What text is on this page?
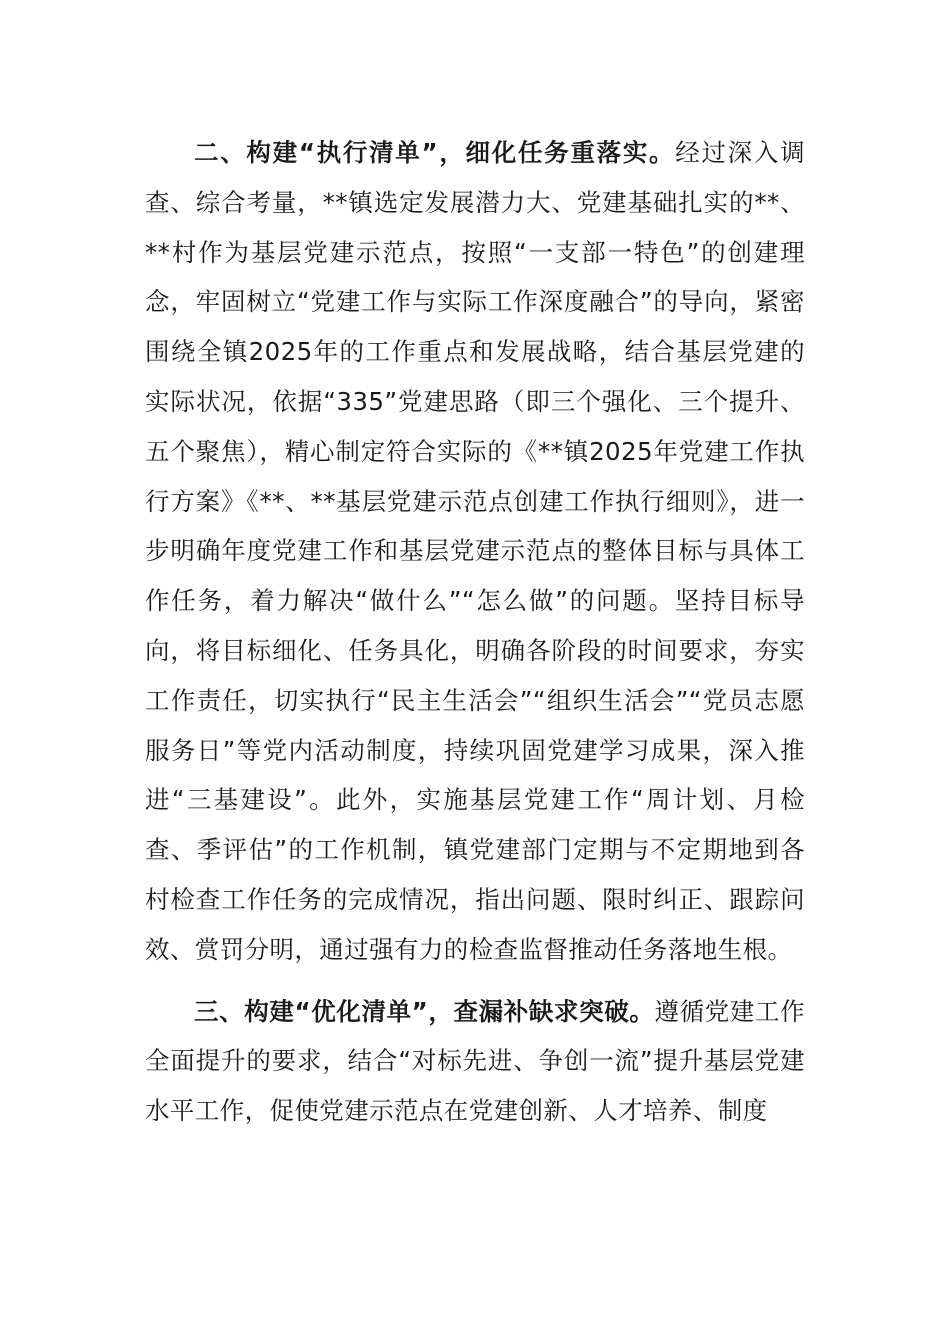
二、构建“执行清单”，细化任务重落实。经过深入调查、综合考量，**镇选定发展潜力大、党建基础扎实的**、**村作为基层党建示范点，按照“一支部一特色”的创建理念，牢固树立“党建工作与实际工作深度融合”的导向，紧密围绕全镇2025年的工作重点和发展战略，结合基层党建的实际状况，依据“335”党建思路（即三个强化、三个提升、五个聚焦），精心制定符合实际的《**镇2025年党建工作执行方案》《**、**基层党建示范点创建工作执行细则》，进一步明确年度党建工作和基层党建示范点的整体目标与具体工作任务，着力解决“做什么”“怎么做”的问题。坚持目标导向，将目标细化、任务具化，明确各阶段的时间要求，夯实工作责任，切实执行“民主生活会”“组织生活会”“党员志愿服务日”等党内活动制度，持续巩固党建学习成果，深入推进“三基建设”。此外，实施基层党建工作“周计划、月检查、季评估”的工作机制，镇党建部门定期与不定期地到各村检查工作任务的完成情况，指出问题、限时纠正、跟踪问效、赏罚分明，通过强有力的检查监督推动任务落地生根。

三、构建“优化清单”，查漏补缺求突破。遵循党建工作全面提升的要求，结合“对标先进、争创一流”提升基层党建水平工作，促使党建示范点在党建创新、人才培养、制度
